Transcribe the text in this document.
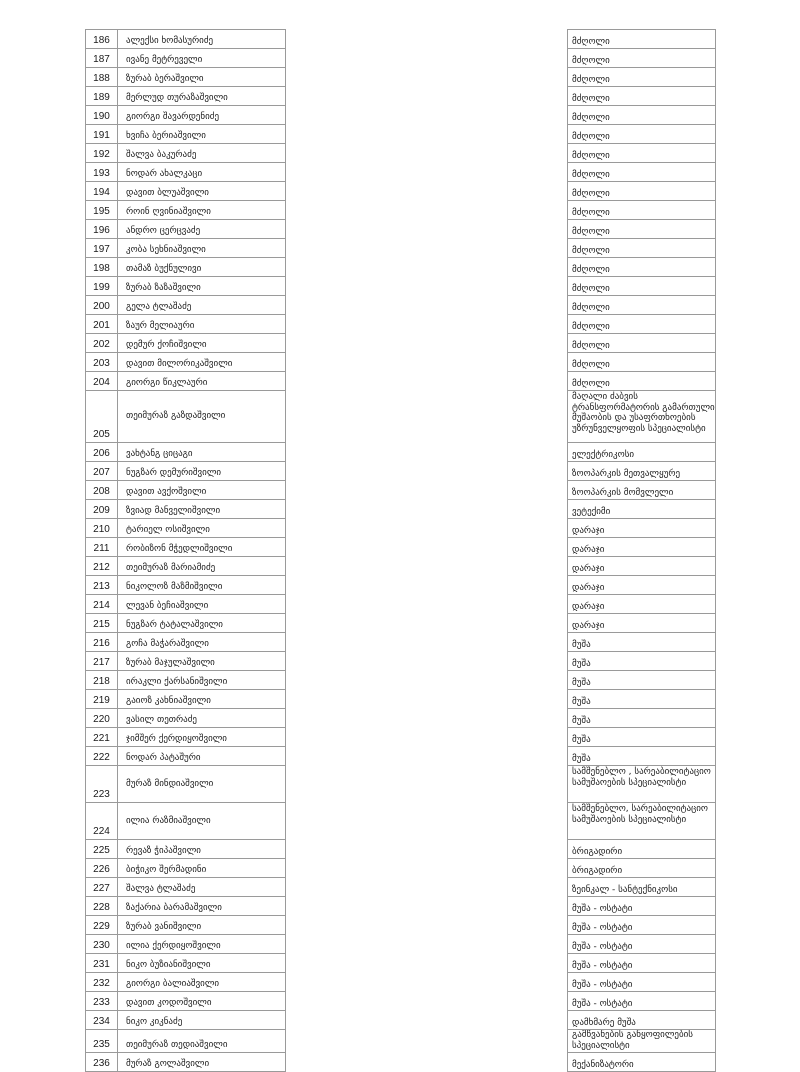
186	ალექსი ხომასურიძე		მძღოლი
187	ივანე მეტრეველი		მძღოლი
188	ზურაბ ბერაშვილი		მძღოლი
189	მერლუდ თურაზაშვილი		მძღოლი
190	გიორგი შავარდენიძე		მძღოლი
191	ხვიჩა ბერიაშვილი		მძღოლი
192	შალვა ბაკურაძე		მძღოლი
193	ნოდარ ახალკაცი		მძღოლი
194	დავით ბლუაშვილი		მძღოლი
195	როინ ღვინიაშვილი		მძღოლი
196	ანდრო ცერცვაძე		მძღოლი
197	კობა სეხნიაშვილი		მძღოლი
198	თამაზ ბუქნულივი		მძღოლი
199	ზურაბ ზაზაშვილი		მძღოლი
200	გელა ტლაშაძე		მძღოლი
201	ზაურ მელიაური		მძღოლი
202	დემურ ქოჩიშვილი		მძღოლი
203	დავით მილორიკაშვილი		მძღოლი
204	გიორგი წიკლაური		მძღოლი
205	თეიმურაზ გაზდაშვილი		მაღალი ძაბვის ტრანსფორმატორის გამართული მუშაობის და უსაფრთხოების უზრუნველყოფის სპეციალისტი
206	ვახტანგ ციცაგი		ელექტრიკოსი
207	ნუგზარ დემურიშვილი		ზოოპარკის მეთვალყურე
208	დავით ავქოშვილი		ზოოპარკის მომვლელი
209	ზვიად მანველიშვილი		ვეტექიმი
210	ტარიელ ოსიშვილი		დარაჯი
211	რობიზონ მჭედლიშვილი		დარაჯი
212	თეიმურაზ მარიამიძე		დარაჯი
213	ნიკოლოზ მაზმიშვილი		დარაჯი
214	ლევან ბეჩიაშვილი		დარაჯი
215	ნუგზარ ტატალაშვილი		დარაჯი
216	გოჩა მაჭარაშვილი		მუშა
217	ზურაბ მაჯულაშვილი		მუშა
218	ირაკლი ქარსანიშვილი		მუშა
219	გაიოზ კახნიაშვილი		მუშა
220	ვასილ თეთრაძე		მუშა
221	ჯიმშერ ქერდიყოშვილი		მუშა
222	ნოდარ პატაშური		მუშა
223	მურაზ მინდიაშვილი		სამშენებლო , სარეაბილიტაციო სამუშაოების სპეციალისტი
224	ილია რაზმიაშვილი		სამშენებლო, სარეაბილიტაციო სამუშაოების სპეციალისტი
225	რევაზ ჭიპაშვილი		ბრიგადირი
226	ბიჭიკო შერმადინი		ბრიგადირი
227	შალვა ტლაშაძე		ზეინკალ - სანტექნიკოსი
228	ზაქარია ბარამაშვილი		მუშა - ოსტატი
229	ზურაბ ვანიშვილი		მუშა - ოსტატი
230	ილია ქერდიყოშვილი		მუშა - ოსტატი
231	ნიკო ბუზიანიშვილი		მუშა - ოსტატი
232	გიორგი ბალიაშვილი		მუშა - ოსტატი
233	დავით კოდოშვილი		მუშა - ოსტატი
234	ნიკო კიკნაძე		დამხმარე მუშა
235	თეიმურაზ თედიაშვილი		გამწვანების განყოფილების სპეციალისტი
236	მურაზ გოლაშვილი		მექანიზატორი
